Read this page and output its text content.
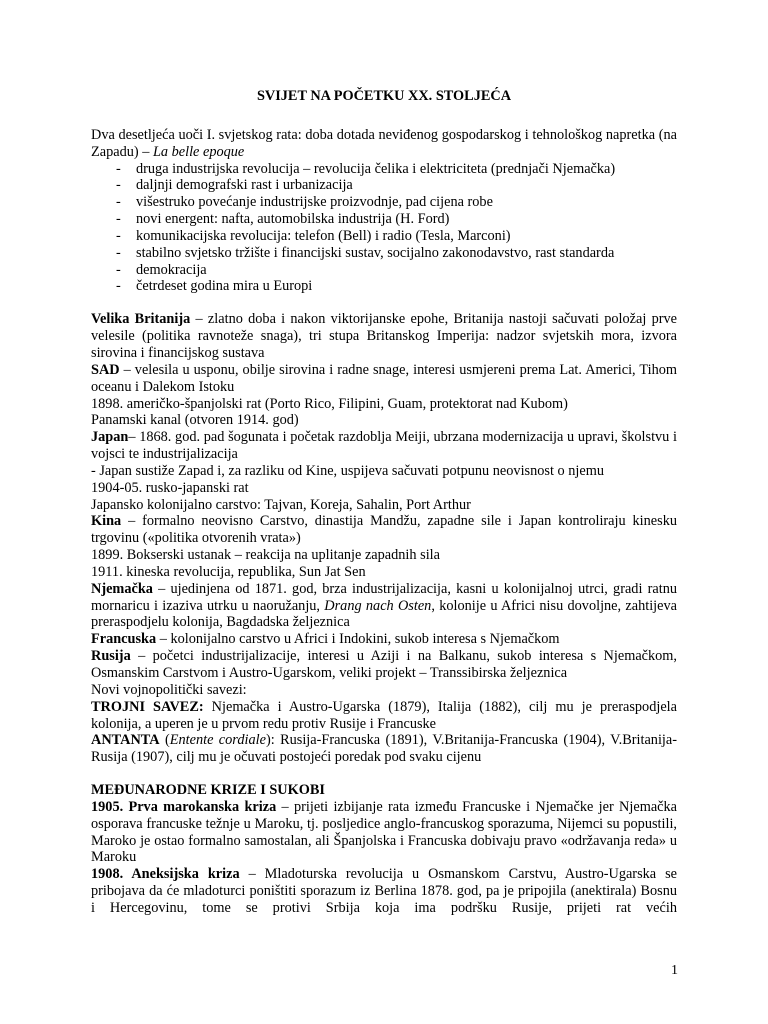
SVIJET NA POČETKU XX. STOLJEĆA

Dva desetljeća uoči I. svjetskog rata: doba dotada neviđenog gospodarskog i tehnološkog napretka (na Zapadu) – La belle epoque

- druga industrijska revolucija – revolucija čelika i elektriciteta (prednjači Njemačka)
- daljnji demografski rast i urbanizacija
- višestruko povećanje industrijske proizvodnje, pad cijena robe
- novi energent: nafta, automobilska industrija (H. Ford)
- komunikacijska revolucija: telefon (Bell) i radio (Tesla, Marconi)
- stabilno svjetsko tržište i financijski sustav, socijalno zakonodavstvo, rast standarda
- demokracija
- četrdeset godina mira u Europi

Velika Britanija – zlatno doba i nakon viktorijanske epohe, Britanija nastoji sačuvati položaj prve velesile (politika ravnoteže snaga), tri stupa Britanskog Imperija: nadzor svjetskih mora, izvora sirovina i financijskog sustava

SAD – velesila u usponu, obilje sirovina i radne snage, interesi usmjereni prema Lat. Americi, Tihom oceanu i Dalekom Istoku

1898. američko-španjolski rat (Porto Rico, Filipini, Guam, protektorat nad Kubom)

Panamski kanal (otvoren 1914. god)

Japan– 1868. god. pad šogunata i početak razdoblja Meiji, ubrzana modernizacija u upravi, školstvu i vojsci te industrijalizacija

- Japan sustiže Zapad i, za razliku od Kine, uspijeva sačuvati potpunu neovisnost o njemu

1904-05. rusko-japanski rat

Japansko kolonijalno carstvo: Tajvan, Koreja, Sahalin, Port Arthur

Kina – formalno neovisno Carstvo, dinastija Mandžu, zapadne sile i Japan kontroliraju kinesku trgovinu («politika otvorenih vrata»)

1899. Bokserski ustanak – reakcija na uplitanje zapadnih sila

1911. kineska revolucija, republika, Sun Jat Sen

Njemačka – ujedinjena od 1871. god, brza industrijalizacija, kasni u kolonijalnoj utrci, gradi ratnu mornaricu i izaziva utrku u naoružanju, Drang nach Osten, kolonije u Africi nisu dovoljne, zahtijeva preraspodjelu kolonija, Bagdadska željeznica

Francuska – kolonijalno carstvo u Africi i Indokini, sukob interesa s Njemačkom

Rusija – početci industrijalizacije, interesi u Aziji i na Balkanu, sukob interesa s Njemačkom, Osmanskim Carstvom i Austro-Ugarskom, veliki projekt – Transsibirska željeznica

Novi vojnopolitički savezi:

TROJNI SAVEZ: Njemačka i Austro-Ugarska (1879), Italija (1882), cilj mu je preraspodjela kolonija, a uperen je u prvom redu protiv Rusije i Francuske

ANTANTA (Entente cordiale): Rusija-Francuska (1891), V.Britanija-Francuska (1904), V.Britanija-Rusija (1907), cilj mu je očuvati postojeći poredak pod svaku cijenu

MEĐUNARODNE KRIZE I SUKOBI

1905. Prva marokanska kriza – prijeti izbijanje rata između Francuske i Njemačke jer Njemačka osporava francuske težnje u Maroku, tj. posljedice anglo-francuskog sporazuma, Nijemci su popustili, Maroko je ostao formalno samostalan, ali Španjolska i Francuska dobivaju pravo «održavanja reda» u Maroku

1908. Aneksijska kriza – Mladoturska revolucija u Osmanskom Carstvu, Austro-Ugarska se pribojava da će mladoturci poništiti sporazum iz Berlina 1878. god, pa je pripojila (anektirala) Bosnu i Hercegovinu, tome se protivi Srbija koja ima podršku Rusije, prijeti rat većih

1
